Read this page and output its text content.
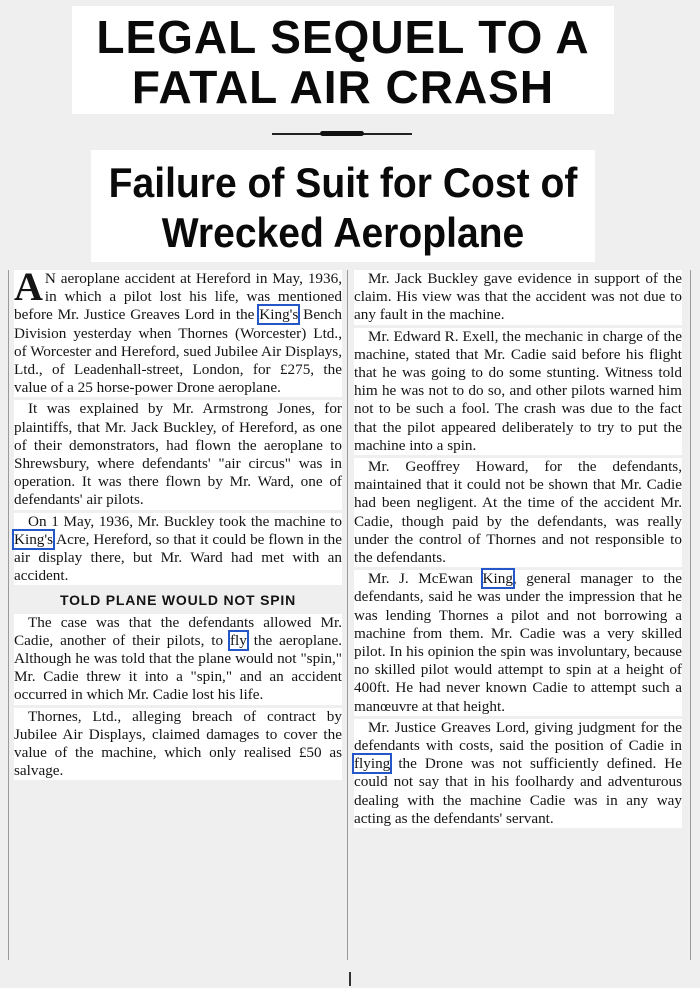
LEGAL SEQUEL TO A FATAL AIR CRASH
Failure of Suit for Cost of Wrecked Aeroplane

A N aeroplane accident at Hereford in May, 1936, in which a pilot lost his life, was mentioned before Mr. Justice Greaves Lord in the King's Bench Division yesterday when Thornes (Worcester) Ltd., of Worcester and Hereford, sued Jubilee Air Displays, Ltd., of Leadenhall-street, London, for £275, the value of a 25 horse-power Drone aeroplane.

It was explained by Mr. Armstrong Jones, for plaintiffs, that Mr. Jack Buckley, of Hereford, as one of their demonstrators, had flown the aeroplane to Shrewsbury, where defendants' "air circus" was in operation. It was there flown by Mr. Ward, one of defendants' air pilots.

On 1 May, 1936, Mr. Buckley took the machine to King's Acre, Hereford, so that it could be flown in the air display there, but Mr. Ward had met with an accident.

TOLD PLANE WOULD NOT SPIN

The case was that the defendants allowed Mr. Cadie, another of their pilots, to fly the aeroplane. Although he was told that the plane would not "spin," Mr. Cadie threw it into a "spin," and an accident occurred in which Mr. Cadie lost his life.

Thornes, Ltd., alleging breach of contract by Jubilee Air Displays, claimed damages to cover the value of the machine, which only realised £50 as salvage.

Mr. Jack Buckley gave evidence in support of the claim. His view was that the accident was not due to any fault in the machine.

Mr. Edward R. Exell, the mechanic in charge of the machine, stated that Mr. Cadie said before his flight that he was going to do some stunting. Witness told him he was not to do so, and other pilots warned him not to be such a fool. The crash was due to the fact that the pilot appeared deliberately to try to put the machine into a spin.

Mr. Geoffrey Howard, for the defendants, maintained that it could not be shown that Mr. Cadie had been negligent. At the time of the accident Mr. Cadie, though paid by the defendants, was really under the control of Thornes and not responsible to the defendants.

Mr. J. McEwan King, general manager to the defendants, said he was under the impression that he was lending Thornes a pilot and not borrowing a machine from them. Mr. Cadie was a very skilled pilot. In his opinion the spin was involuntary, because no skilled pilot would attempt to spin at a height of 400ft. He had never known Cadie to attempt such a manœuvre at that height.

Mr. Justice Greaves Lord, giving judgment for the defendants with costs, said the position of Cadie in flying the Drone was not sufficiently defined. He could not say that in his foolhardy and adventurous dealing with the machine Cadie was in any way acting as the defendants' servant.
